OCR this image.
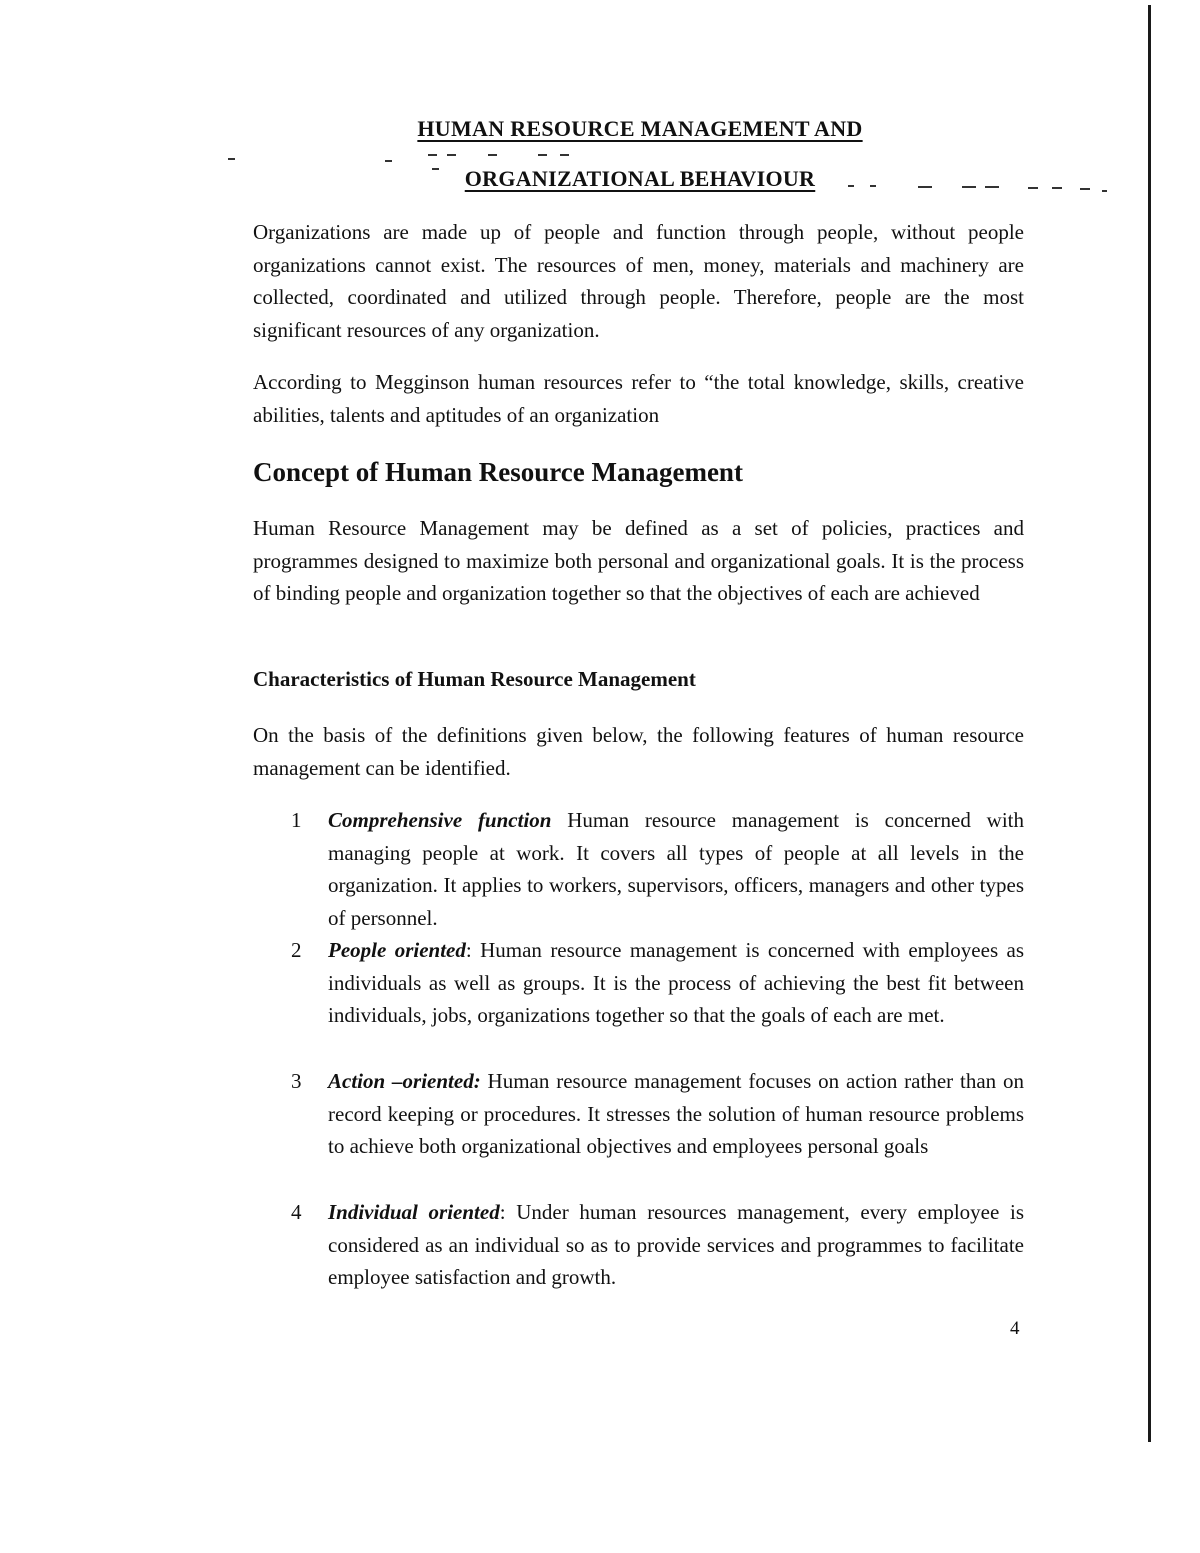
HUMAN RESOURCE MANAGEMENT AND
ORGANIZATIONAL BEHAVIOUR

Organizations are made up of people and function through people, without people organizations cannot exist. The resources of men, money, materials and machinery are collected, coordinated and utilized through people. Therefore, people are the most significant resources of any organization.

According to Megginson human resources refer to “the total knowledge, skills, creative abilities, talents and aptitudes of an organization

Concept of Human Resource Management

Human Resource Management may be defined as a set of policies, practices and programmes designed to maximize both personal and organizational goals. It is the process of binding people and organization together so that the objectives of each are achieved

Characteristics of Human Resource Management

On the basis of the definitions given below, the following features of human resource management can be identified.

1 Comprehensive function Human resource management is concerned with managing people at work. It covers all types of people at all levels in the organization. It applies to workers, supervisors, officers, managers and other types of personnel.
2 People oriented: Human resource management is concerned with employees as individuals as well as groups. It is the process of achieving the best fit between individuals, jobs, organizations together so that the goals of each are met.
3 Action –oriented: Human resource management focuses on action rather than on record keeping or procedures. It stresses the solution of human resource problems to achieve both organizational objectives and employees personal goals
4 Individual oriented: Under human resources management, every employee is considered as an individual so as to provide services and programmes to facilitate employee satisfaction and growth.
4
